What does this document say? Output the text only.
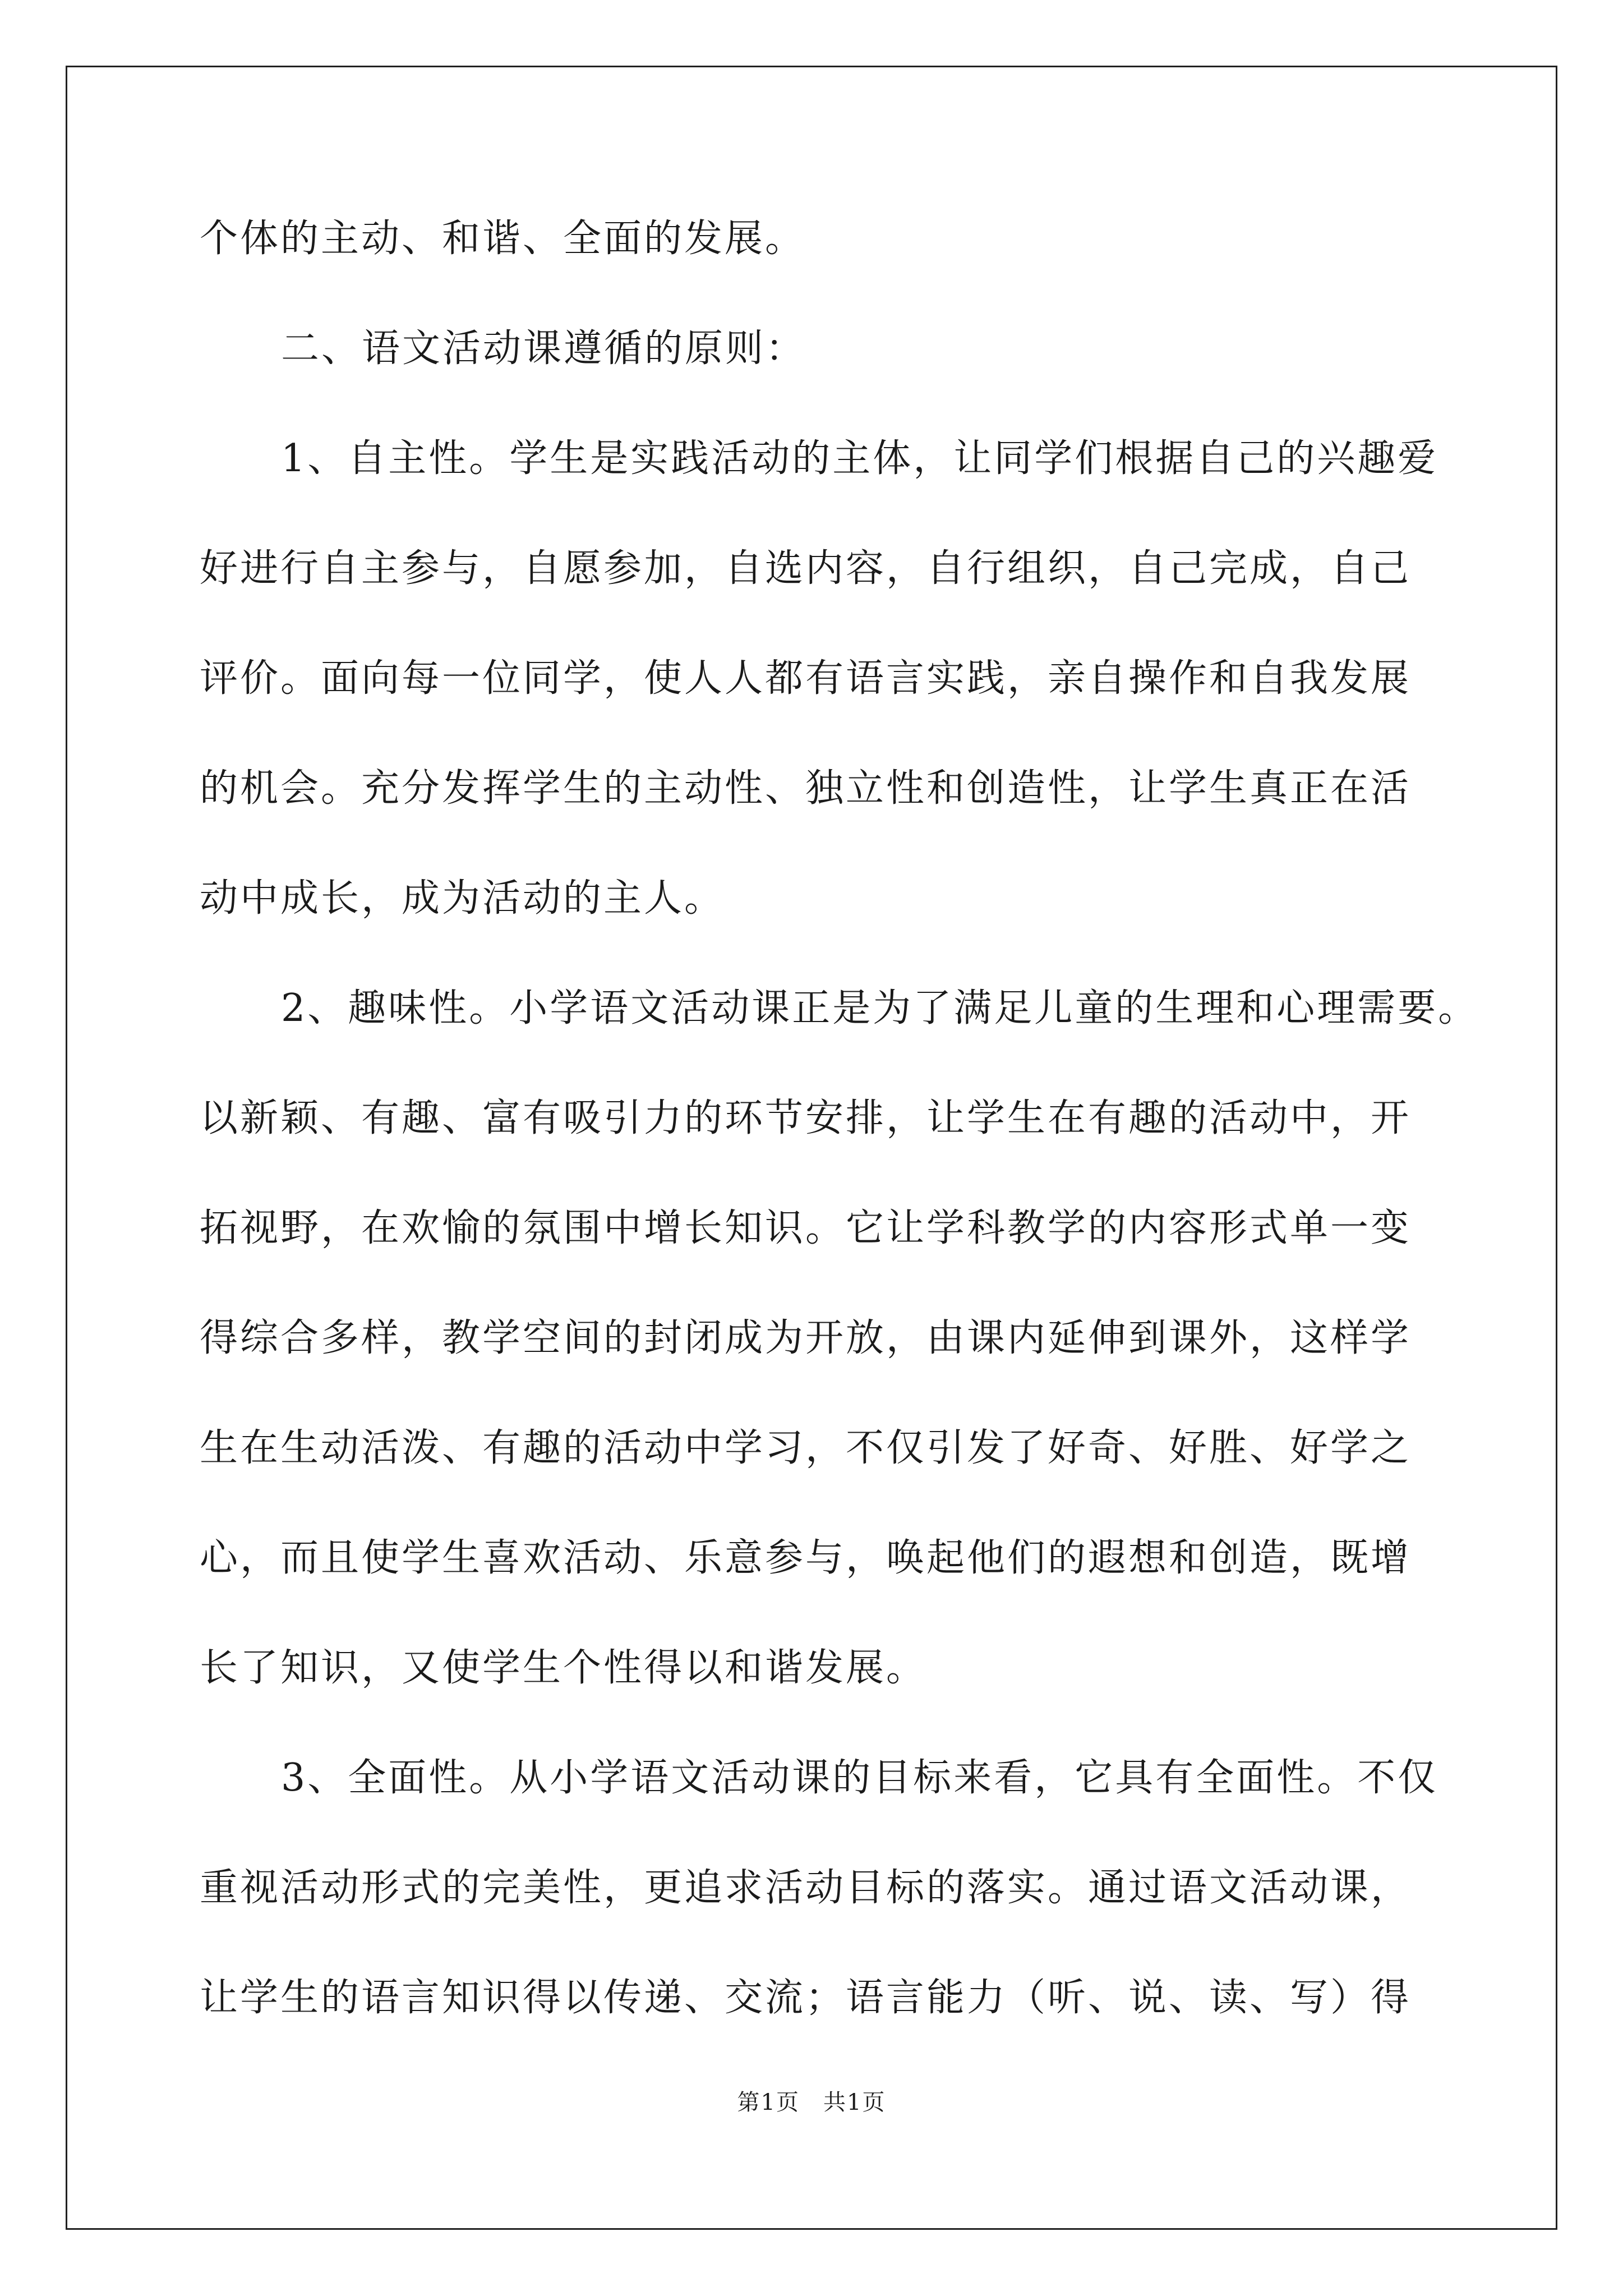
个体的主动、和谐、全面的发展。
二、语文活动课遵循的原则：
1、自主性。学生是实践活动的主体，让同学们根据自己的兴趣爱
好进行自主参与，自愿参加，自选内容，自行组织，自己完成，自己
评价。面向每一位同学，使人人都有语言实践，亲自操作和自我发展
的机会。充分发挥学生的主动性、独立性和创造性，让学生真正在活
动中成长，成为活动的主人。
2、趣味性。小学语文活动课正是为了满足儿童的生理和心理需要。
以新颖、有趣、富有吸引力的环节安排，让学生在有趣的活动中，开
拓视野，在欢愉的氛围中增长知识。它让学科教学的内容形式单一变
得综合多样，教学空间的封闭成为开放，由课内延伸到课外，这样学
生在生动活泼、有趣的活动中学习，不仅引发了好奇、好胜、好学之
心，而且使学生喜欢活动、乐意参与，唤起他们的遐想和创造，既增
长了知识，又使学生个性得以和谐发展。
3、全面性。从小学语文活动课的目标来看，它具有全面性。不仅
重视活动形式的完美性，更追求活动目标的落实。通过语文活动课，
让学生的语言知识得以传递、交流；语言能力（听、说、读、写）得
第1页　共1页
